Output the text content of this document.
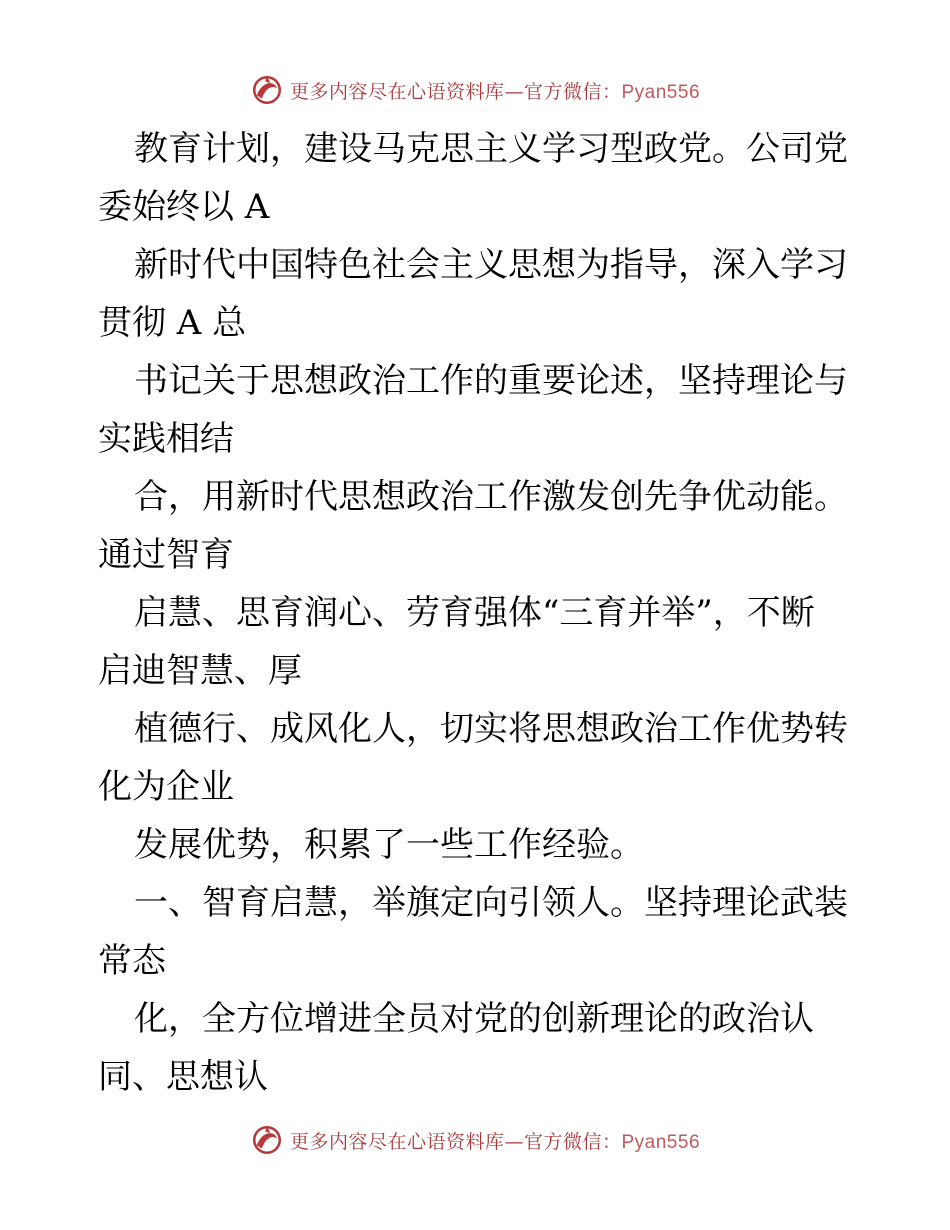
更多内容尽在心语资料库—官方微信：Pyan556
教育计划，建设马克思主义学习型政党。公司党
委始终以 A
新时代中国特色社会主义思想为指导，深入学习
贯彻 A 总
书记关于思想政治工作的重要论述，坚持理论与
实践相结
合，用新时代思想政治工作激发创先争优动能。
通过智育
启慧、思育润心、劳育强体“三育并举”，不断
启迪智慧、厚
植德行、成风化人，切实将思想政治工作优势转
化为企业
发展优势，积累了一些工作经验。
一、智育启慧，举旗定向引领人。坚持理论武装
常态
化，全方位增进全员对党的创新理论的政治认
同、思想认
更多内容尽在心语资料库—官方微信：Pyan556
